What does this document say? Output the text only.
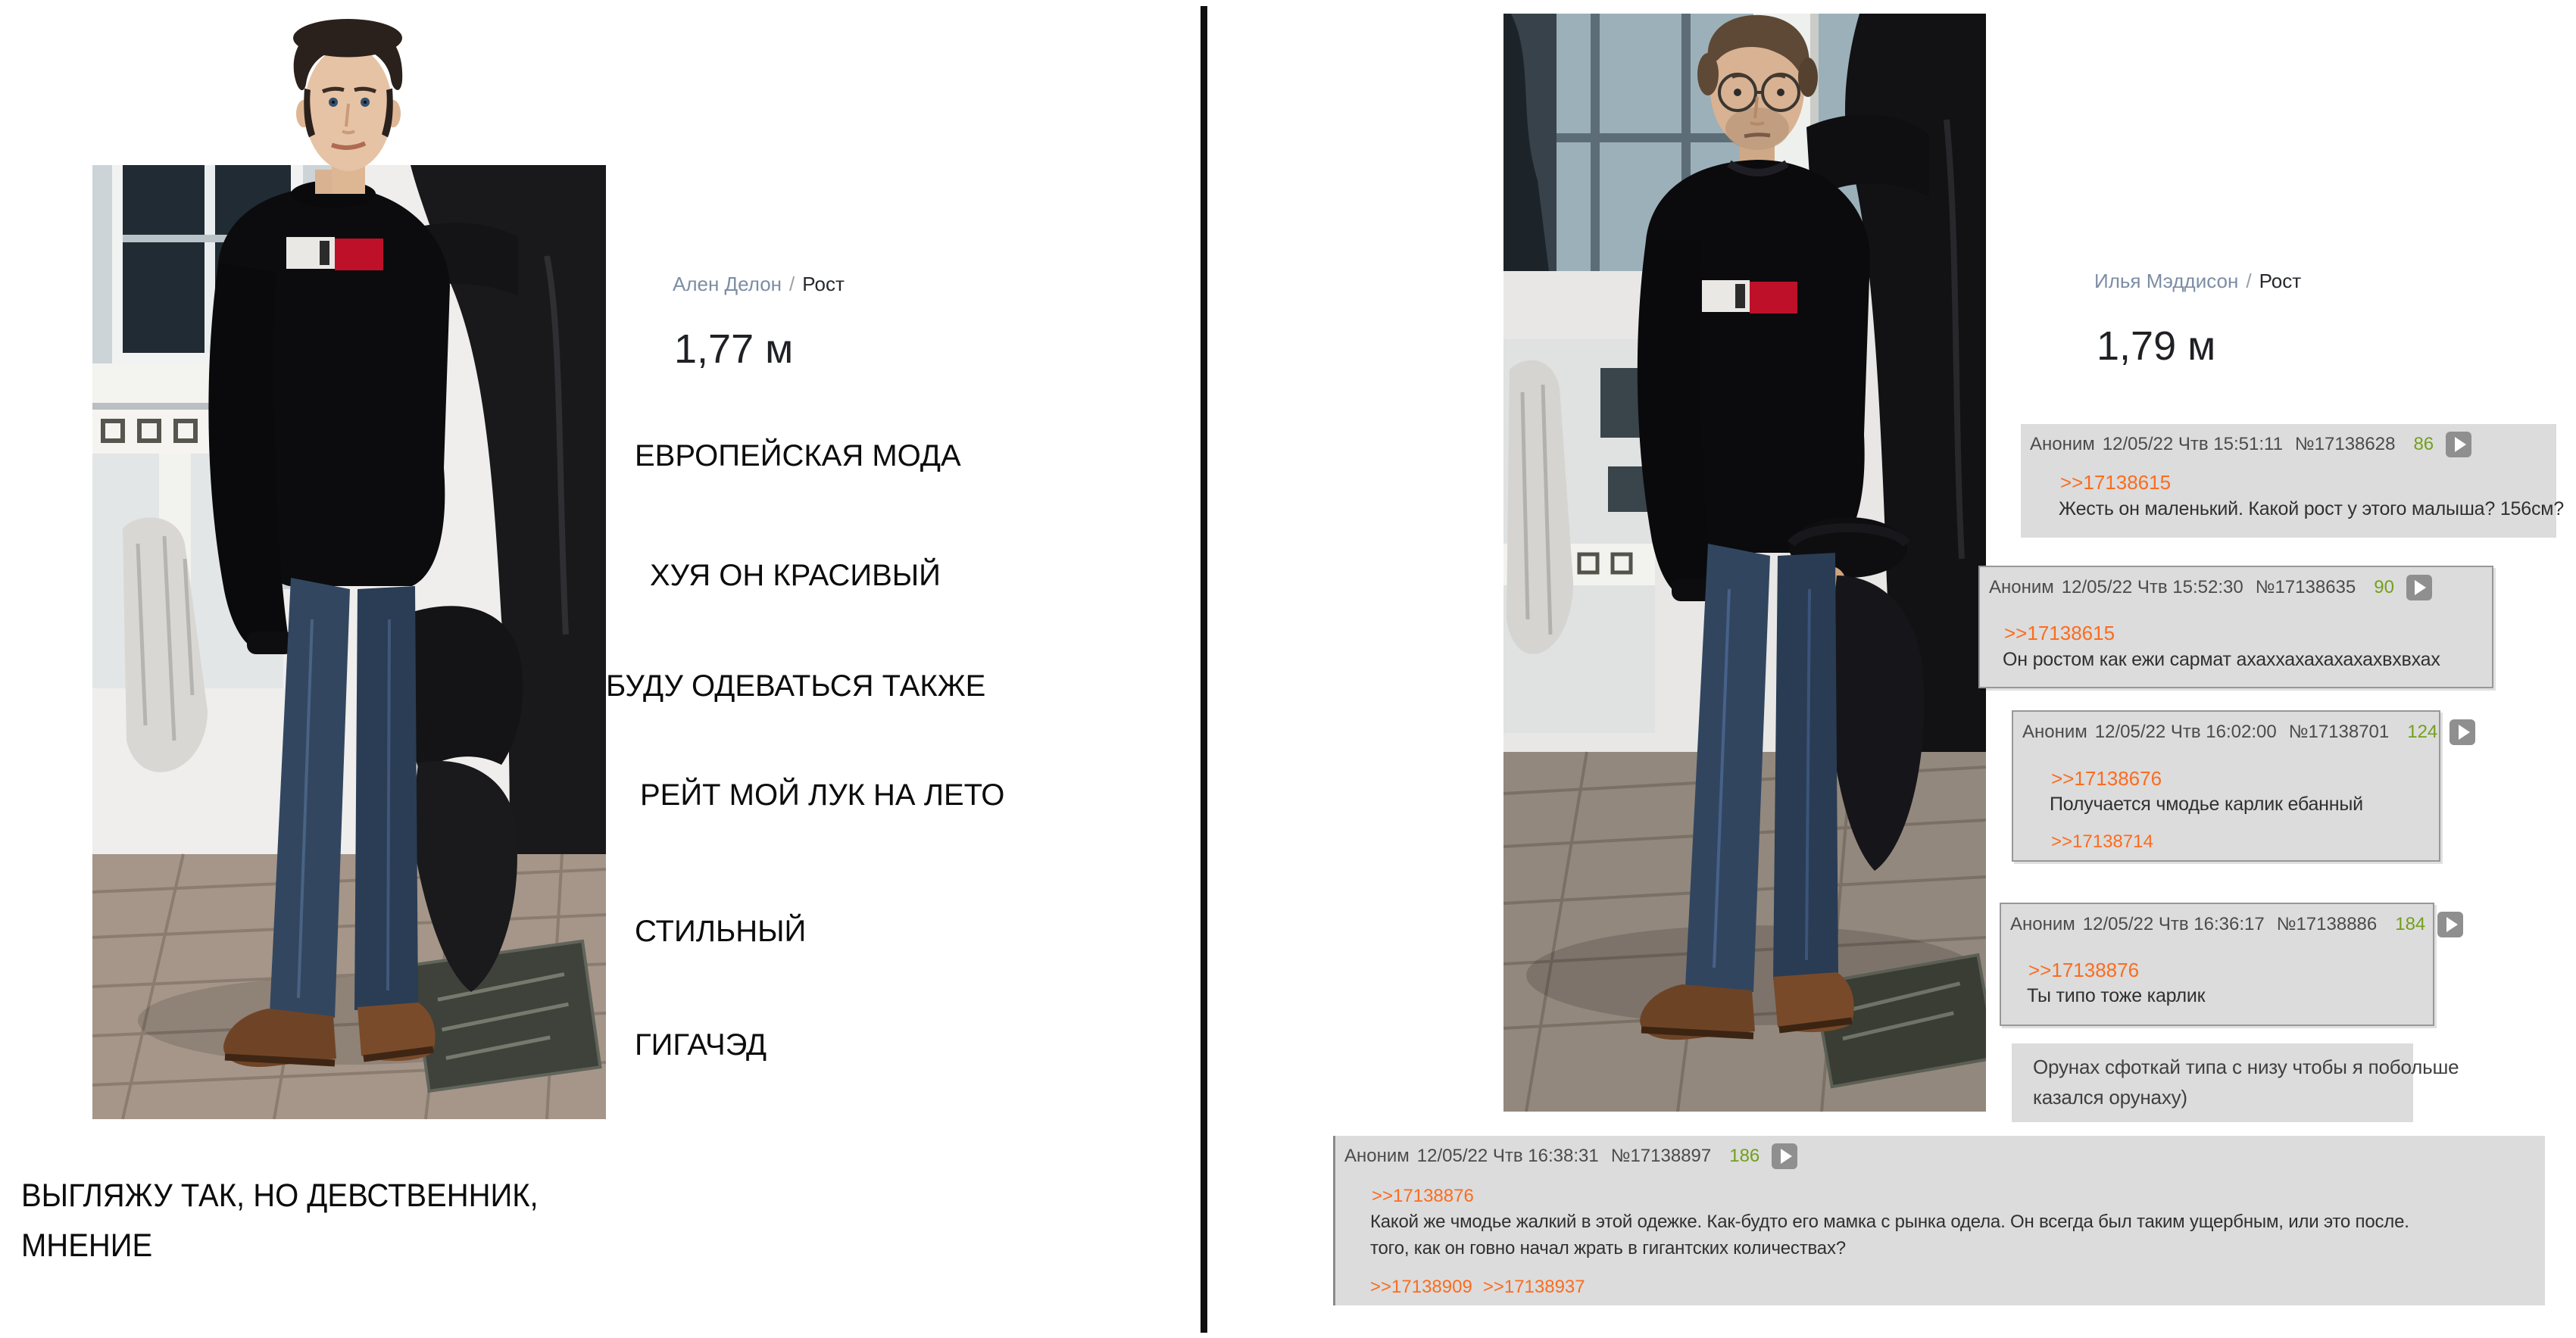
Ален Делон / Рост
1,77 м
ЕВРОПЕЙСКАЯ МОДА
ХУЯ ОН КРАСИВЫЙ
БУДУ ОДЕВАТЬСЯ ТАКЖЕ
РЕЙТ МОЙ ЛУК НА ЛЕТО
СТИЛЬНЫЙ
ГИГАЧЭД
ВЫГЛЯЖУ ТАК, НО ДЕВСТВЕННИК,
МНЕНИЕ
Илья Мэддисон / Рост
1,79 м
Аноним 12/05/22 Чтв 15:51:11 №17138628 86
>>17138615
Жесть он маленький. Какой рост у этого малыша? 156см?
Аноним 12/05/22 Чтв 15:52:30 №17138635 90
>>17138615
Он ростом как ежи сармат ахаххахахахахахвхвхах
Аноним 12/05/22 Чтв 16:02:00 №17138701 124
>>17138676
Получается чмодье карлик ебанный
>>17138714
Аноним 12/05/22 Чтв 16:36:17 №17138886 184
>>17138876
Ты типо тоже карлик
Орунах сфоткай типа с низу чтобы я побольше
казался орунаху)
Аноним 12/05/22 Чтв 16:38:31 №17138897 186
>>17138876
Какой же чмодье жалкий в этой одежке. Как-будто его мамка с рынка одела. Он всегда был таким ущербным, или это после.
того, как он говно начал жрать в гигантских количествах?
>>17138909 >>17138937
